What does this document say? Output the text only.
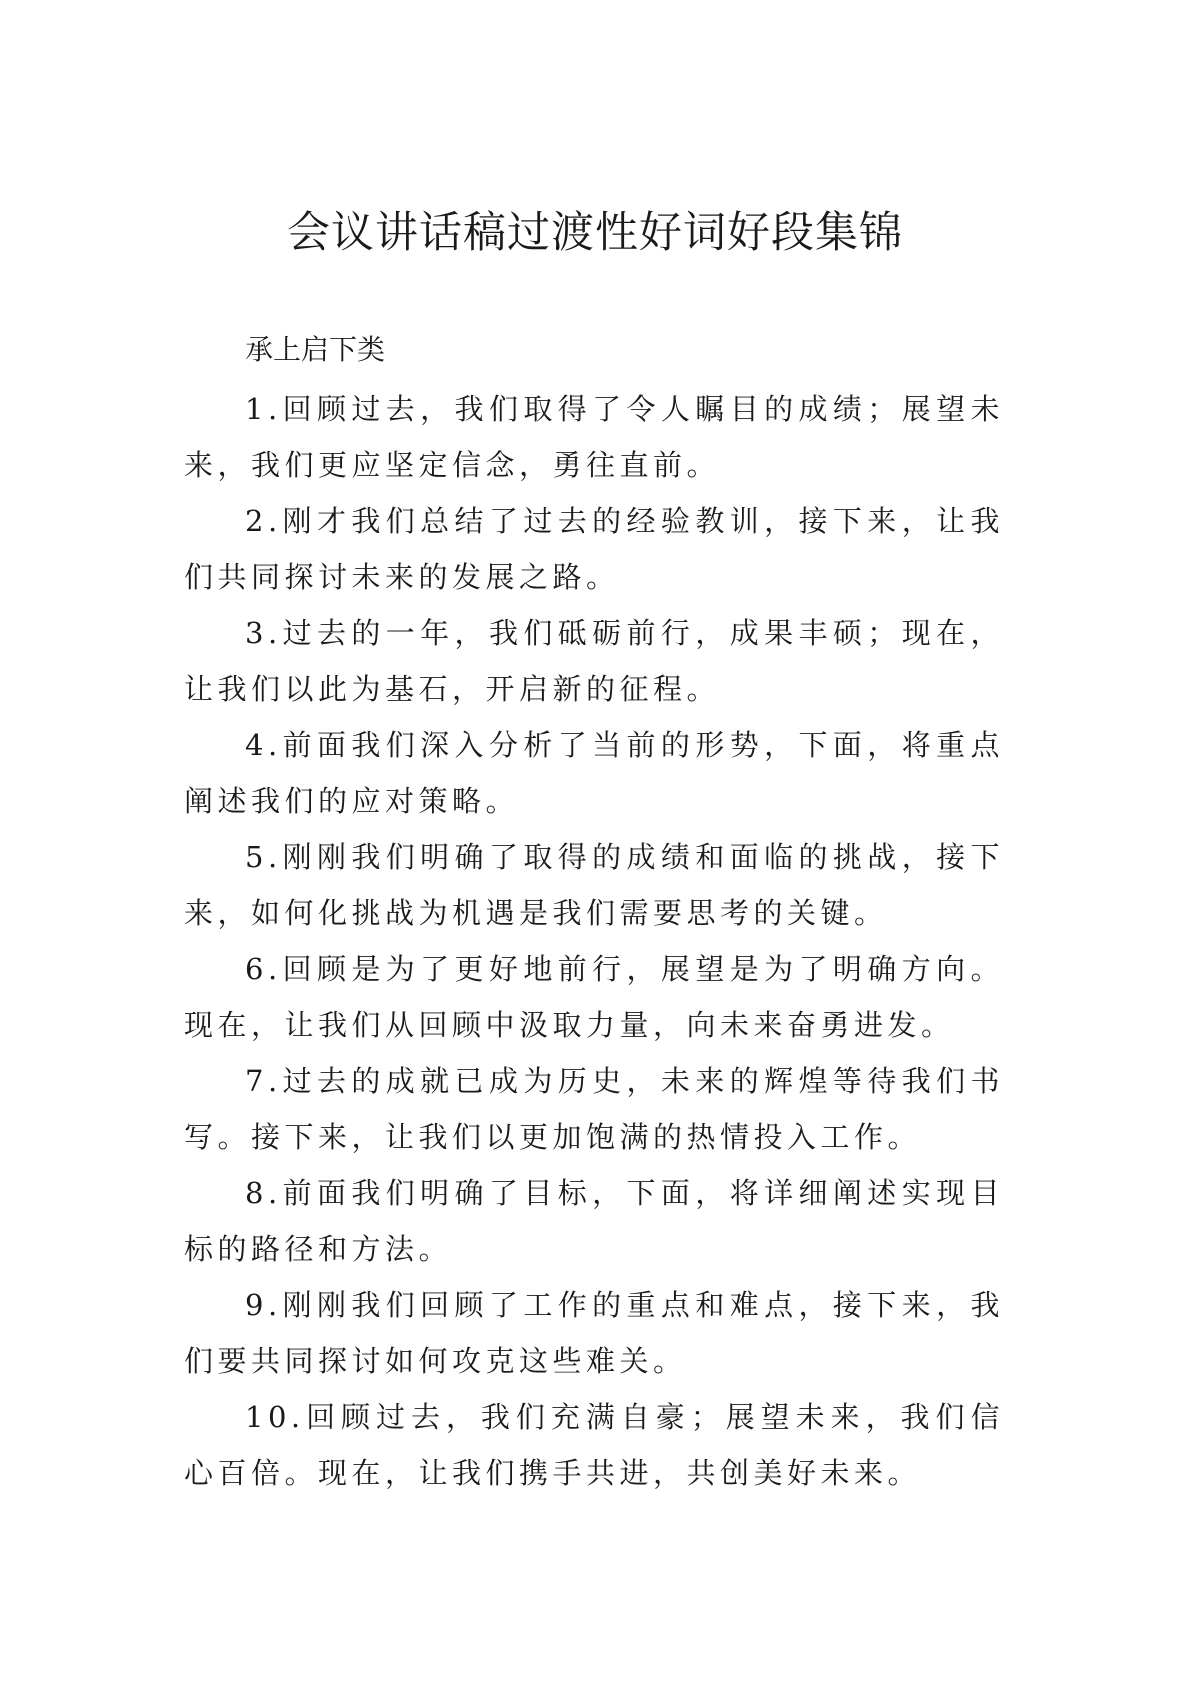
会议讲话稿过渡性好词好段集锦
承上启下类
1.回顾过去，我们取得了令人瞩目的成绩；展望未来，我们更应坚定信念，勇往直前。
2.刚才我们总结了过去的经验教训，接下来，让我们共同探讨未来的发展之路。
3.过去的一年，我们砥砺前行，成果丰硕；现在，让我们以此为基石，开启新的征程。
4.前面我们深入分析了当前的形势，下面，将重点阐述我们的应对策略。
5.刚刚我们明确了取得的成绩和面临的挑战，接下来，如何化挑战为机遇是我们需要思考的关键。
6.回顾是为了更好地前行，展望是为了明确方向。现在，让我们从回顾中汲取力量，向未来奋勇进发。
7.过去的成就已成为历史，未来的辉煌等待我们书写。接下来，让我们以更加饱满的热情投入工作。
8.前面我们明确了目标，下面，将详细阐述实现目标的路径和方法。
9.刚刚我们回顾了工作的重点和难点，接下来，我们要共同探讨如何攻克这些难关。
10.回顾过去，我们充满自豪；展望未来，我们信心百倍。现在，让我们携手共进，共创美好未来。
